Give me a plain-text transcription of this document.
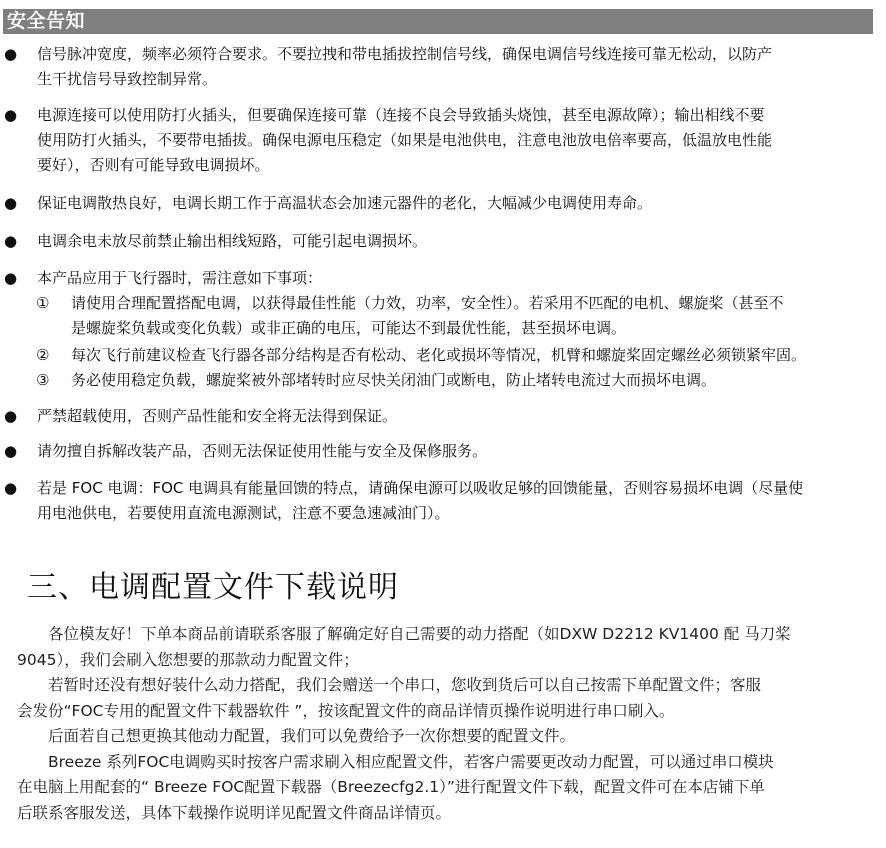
安全告知
● 信号脉冲宽度，频率必须符合要求。不要拉拽和带电插拔控制信号线，确保电调信号线连接可靠无松动，以防产
生干扰信号导致控制异常。
● 电源连接可以使用防打火插头，但要确保连接可靠（连接不良会导致插头烧蚀，甚至电源故障）；输出相线不要
使用防打火插头，不要带电插拔。确保电源电压稳定（如果是电池供电，注意电池放电倍率要高，低温放电性能
要好），否则有可能导致电调损坏。
● 保证电调散热良好，电调长期工作于高温状态会加速元器件的老化，大幅减少电调使用寿命。
● 电调余电未放尽前禁止输出相线短路，可能引起电调损坏。
● 本产品应用于飞行器时，需注意如下事项：
① 请使用合理配置搭配电调，以获得最佳性能（力效，功率，安全性）。若采用不匹配的电机、螺旋桨（甚至不
是螺旋桨负载或变化负载）或非正确的电压，可能达不到最优性能，甚至损坏电调。
② 每次飞行前建议检查飞行器各部分结构是否有松动、老化或损坏等情况，机臂和螺旋桨固定螺丝必须锁紧牢固。
③ 务必使用稳定负载，螺旋桨被外部堵转时应尽快关闭油门或断电，防止堵转电流过大而损坏电调。
● 严禁超载使用，否则产品性能和安全将无法得到保证。
● 请勿擅自拆解改装产品，否则无法保证使用性能与安全及保修服务。
● 若是 FOC 电调：FOC 电调具有能量回馈的特点，请确保电源可以吸收足够的回馈能量，否则容易损坏电调（尽量使
用电池供电，若要使用直流电源测试，注意不要急速减油门）。
三、电调配置文件下载说明

　　各位模友好！下单本商品前请联系客服了解确定好自己需要的动力搭配（如DXW D2212 KV1400 配 马刀桨
9045），我们会刷入您想要的那款动力配置文件；

　　若暂时还没有想好装什么动力搭配，我们会赠送一个串口，您收到货后可以自己按需下单配置文件；客服
会发份“FOC专用的配置文件下载器软件 ”，按该配置文件的商品详情页操作说明进行串口刷入。

　　后面若自己想更换其他动力配置，我们可以免费给予一次你想要的配置文件。

　　Breeze 系列FOC电调购买时按客户需求刷入相应配置文件，若客户需要更改动力配置，可以通过串口模块
在电脑上用配套的“ Breeze FOC配置下载器（Breezecfg2.1）”进行配置文件下载，配置文件可在本店铺下单
后联系客服发送，具体下载操作说明详见配置文件商品详情页。
